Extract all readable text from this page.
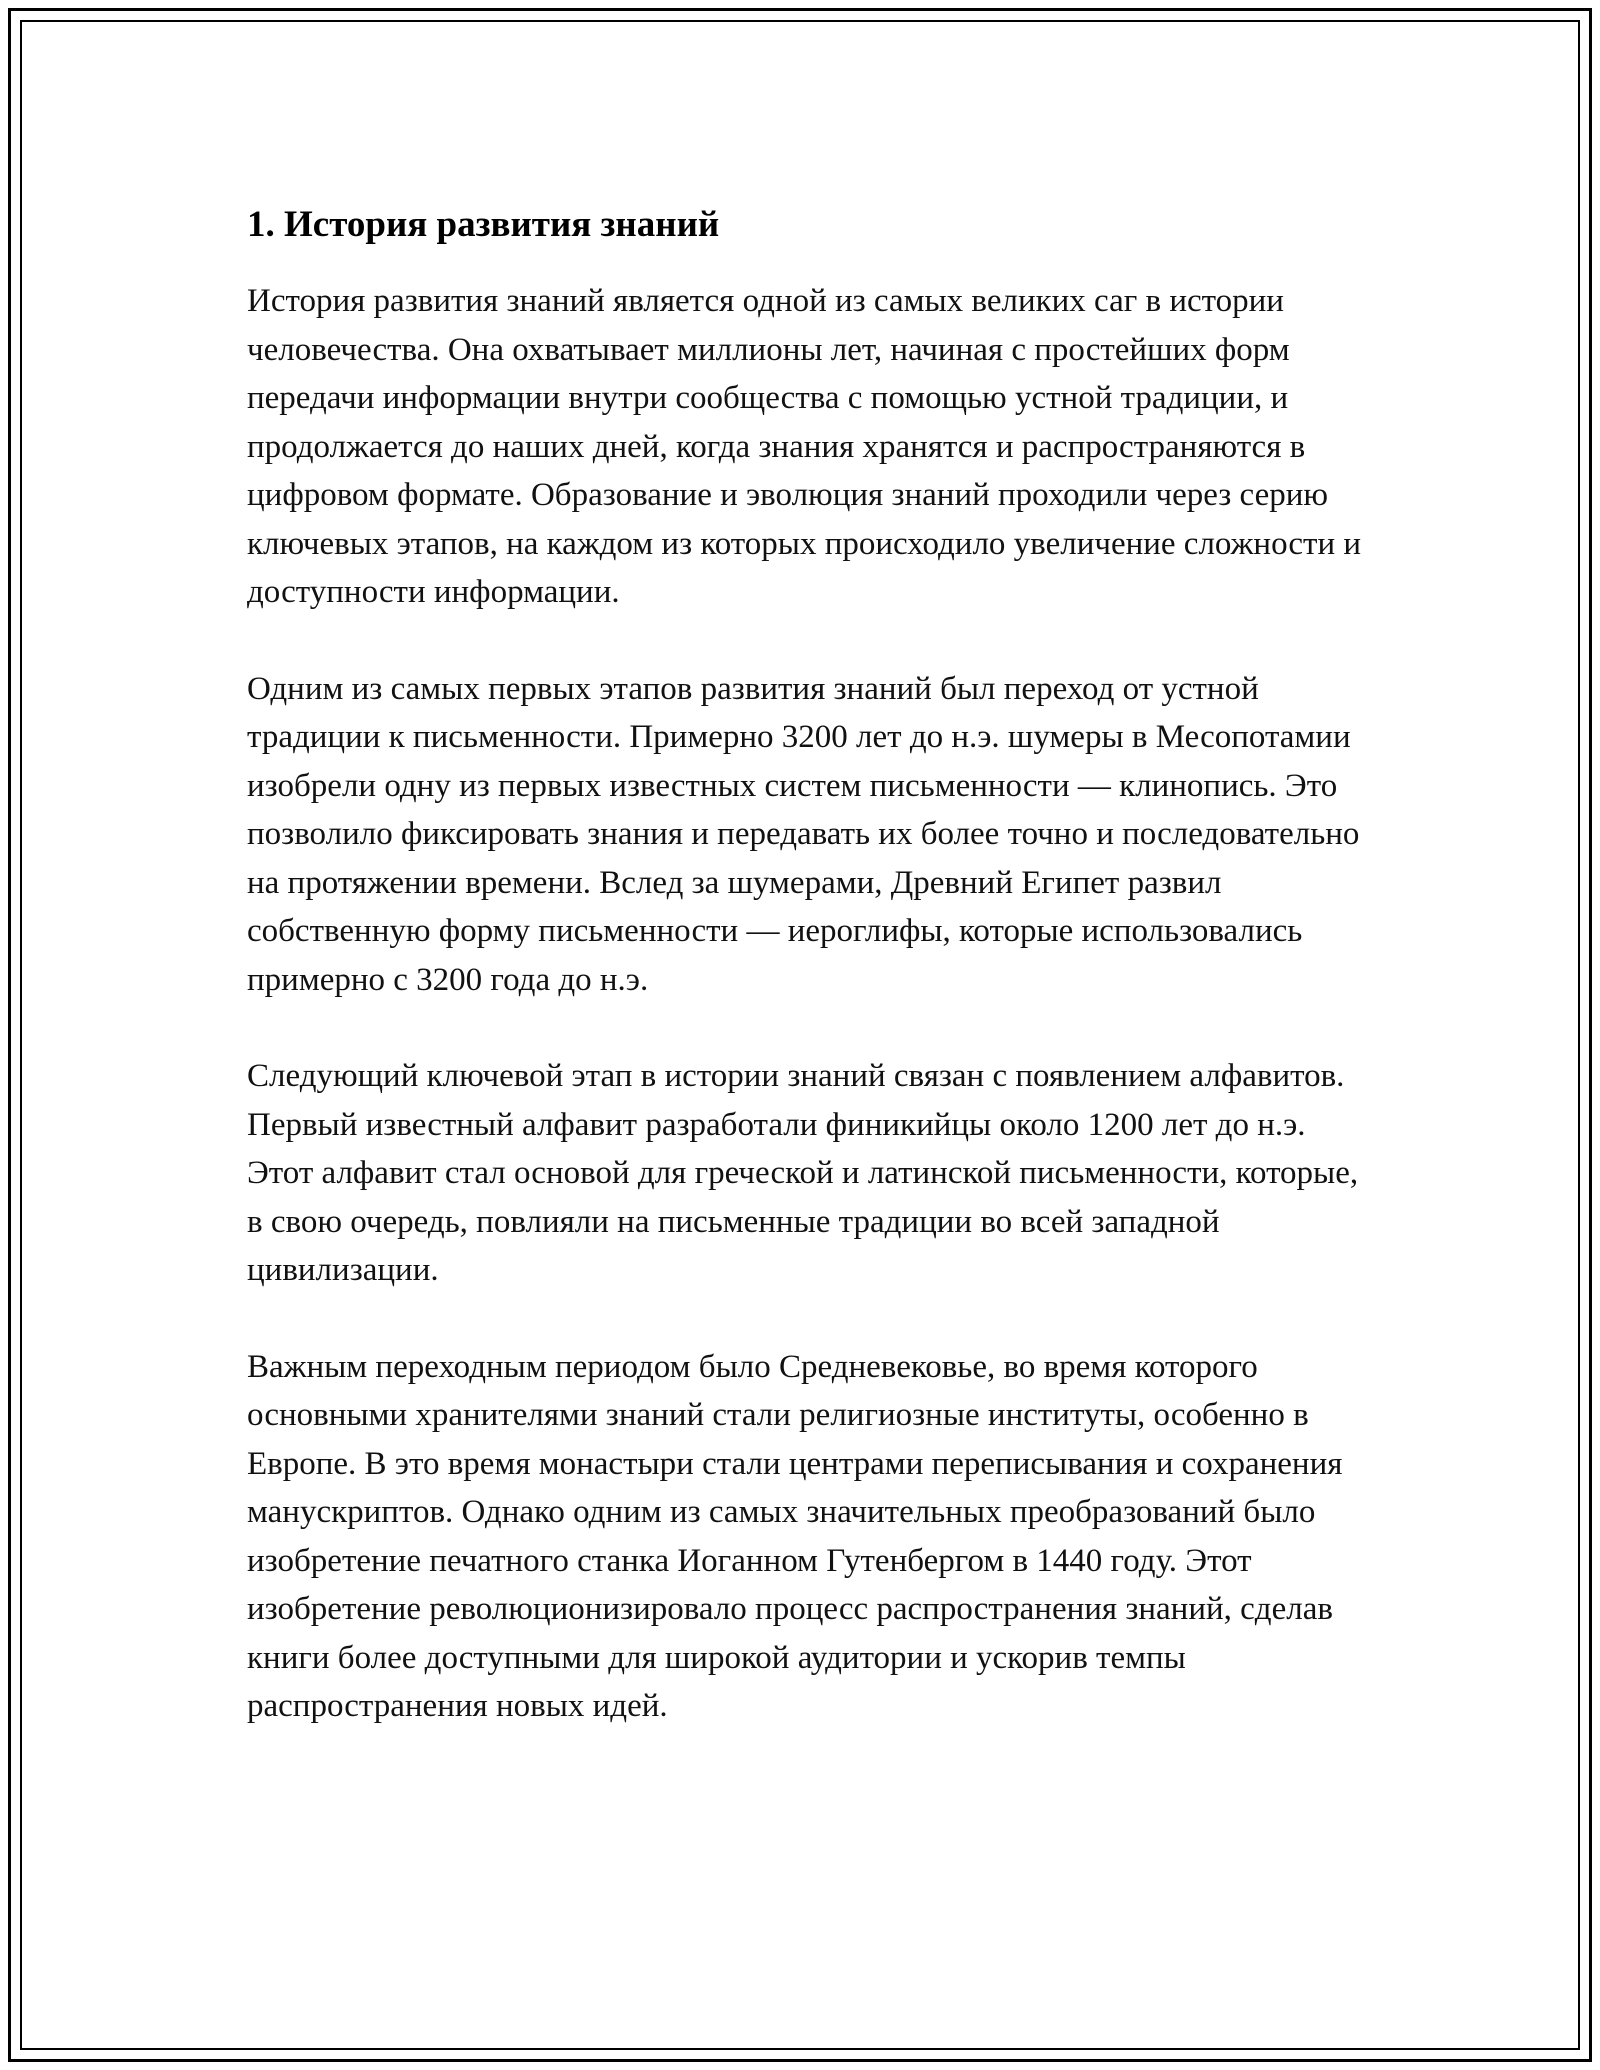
1. История развития знаний

История развития знаний является одной из самых великих саг в истории человечества. Она охватывает миллионы лет, начиная с простейших форм передачи информации внутри сообщества с помощью устной традиции, и продолжается до наших дней, когда знания хранятся и распространяются в цифровом формате. Образование и эволюция знаний проходили через серию ключевых этапов, на каждом из которых происходило увеличение сложности и доступности информации.

Одним из самых первых этапов развития знаний был переход от устной традиции к письменности. Примерно 3200 лет до н.э. шумеры в Месопотамии изобрели одну из первых известных систем письменности — клинопись. Это позволило фиксировать знания и передавать их более точно и последовательно на протяжении времени. Вслед за шумерами, Древний Египет развил собственную форму письменности — иероглифы, которые использовались примерно с 3200 года до н.э.

Следующий ключевой этап в истории знаний связан с появлением алфавитов. Первый известный алфавит разработали финикийцы около 1200 лет до н.э. Этот алфавит стал основой для греческой и латинской письменности, которые, в свою очередь, повлияли на письменные традиции во всей западной цивилизации.

Важным переходным периодом было Средневековье, во время которого основными хранителями знаний стали религиозные институты, особенно в Европе. В это время монастыри стали центрами переписывания и сохранения манускриптов. Однако одним из самых значительных преобразований было изобретение печатного станка Иоганном Гутенбергом в 1440 году. Этот изобретение революционизировало процесс распространения знаний, сделав книги более доступными для широкой аудитории и ускорив темпы распространения новых идей.
